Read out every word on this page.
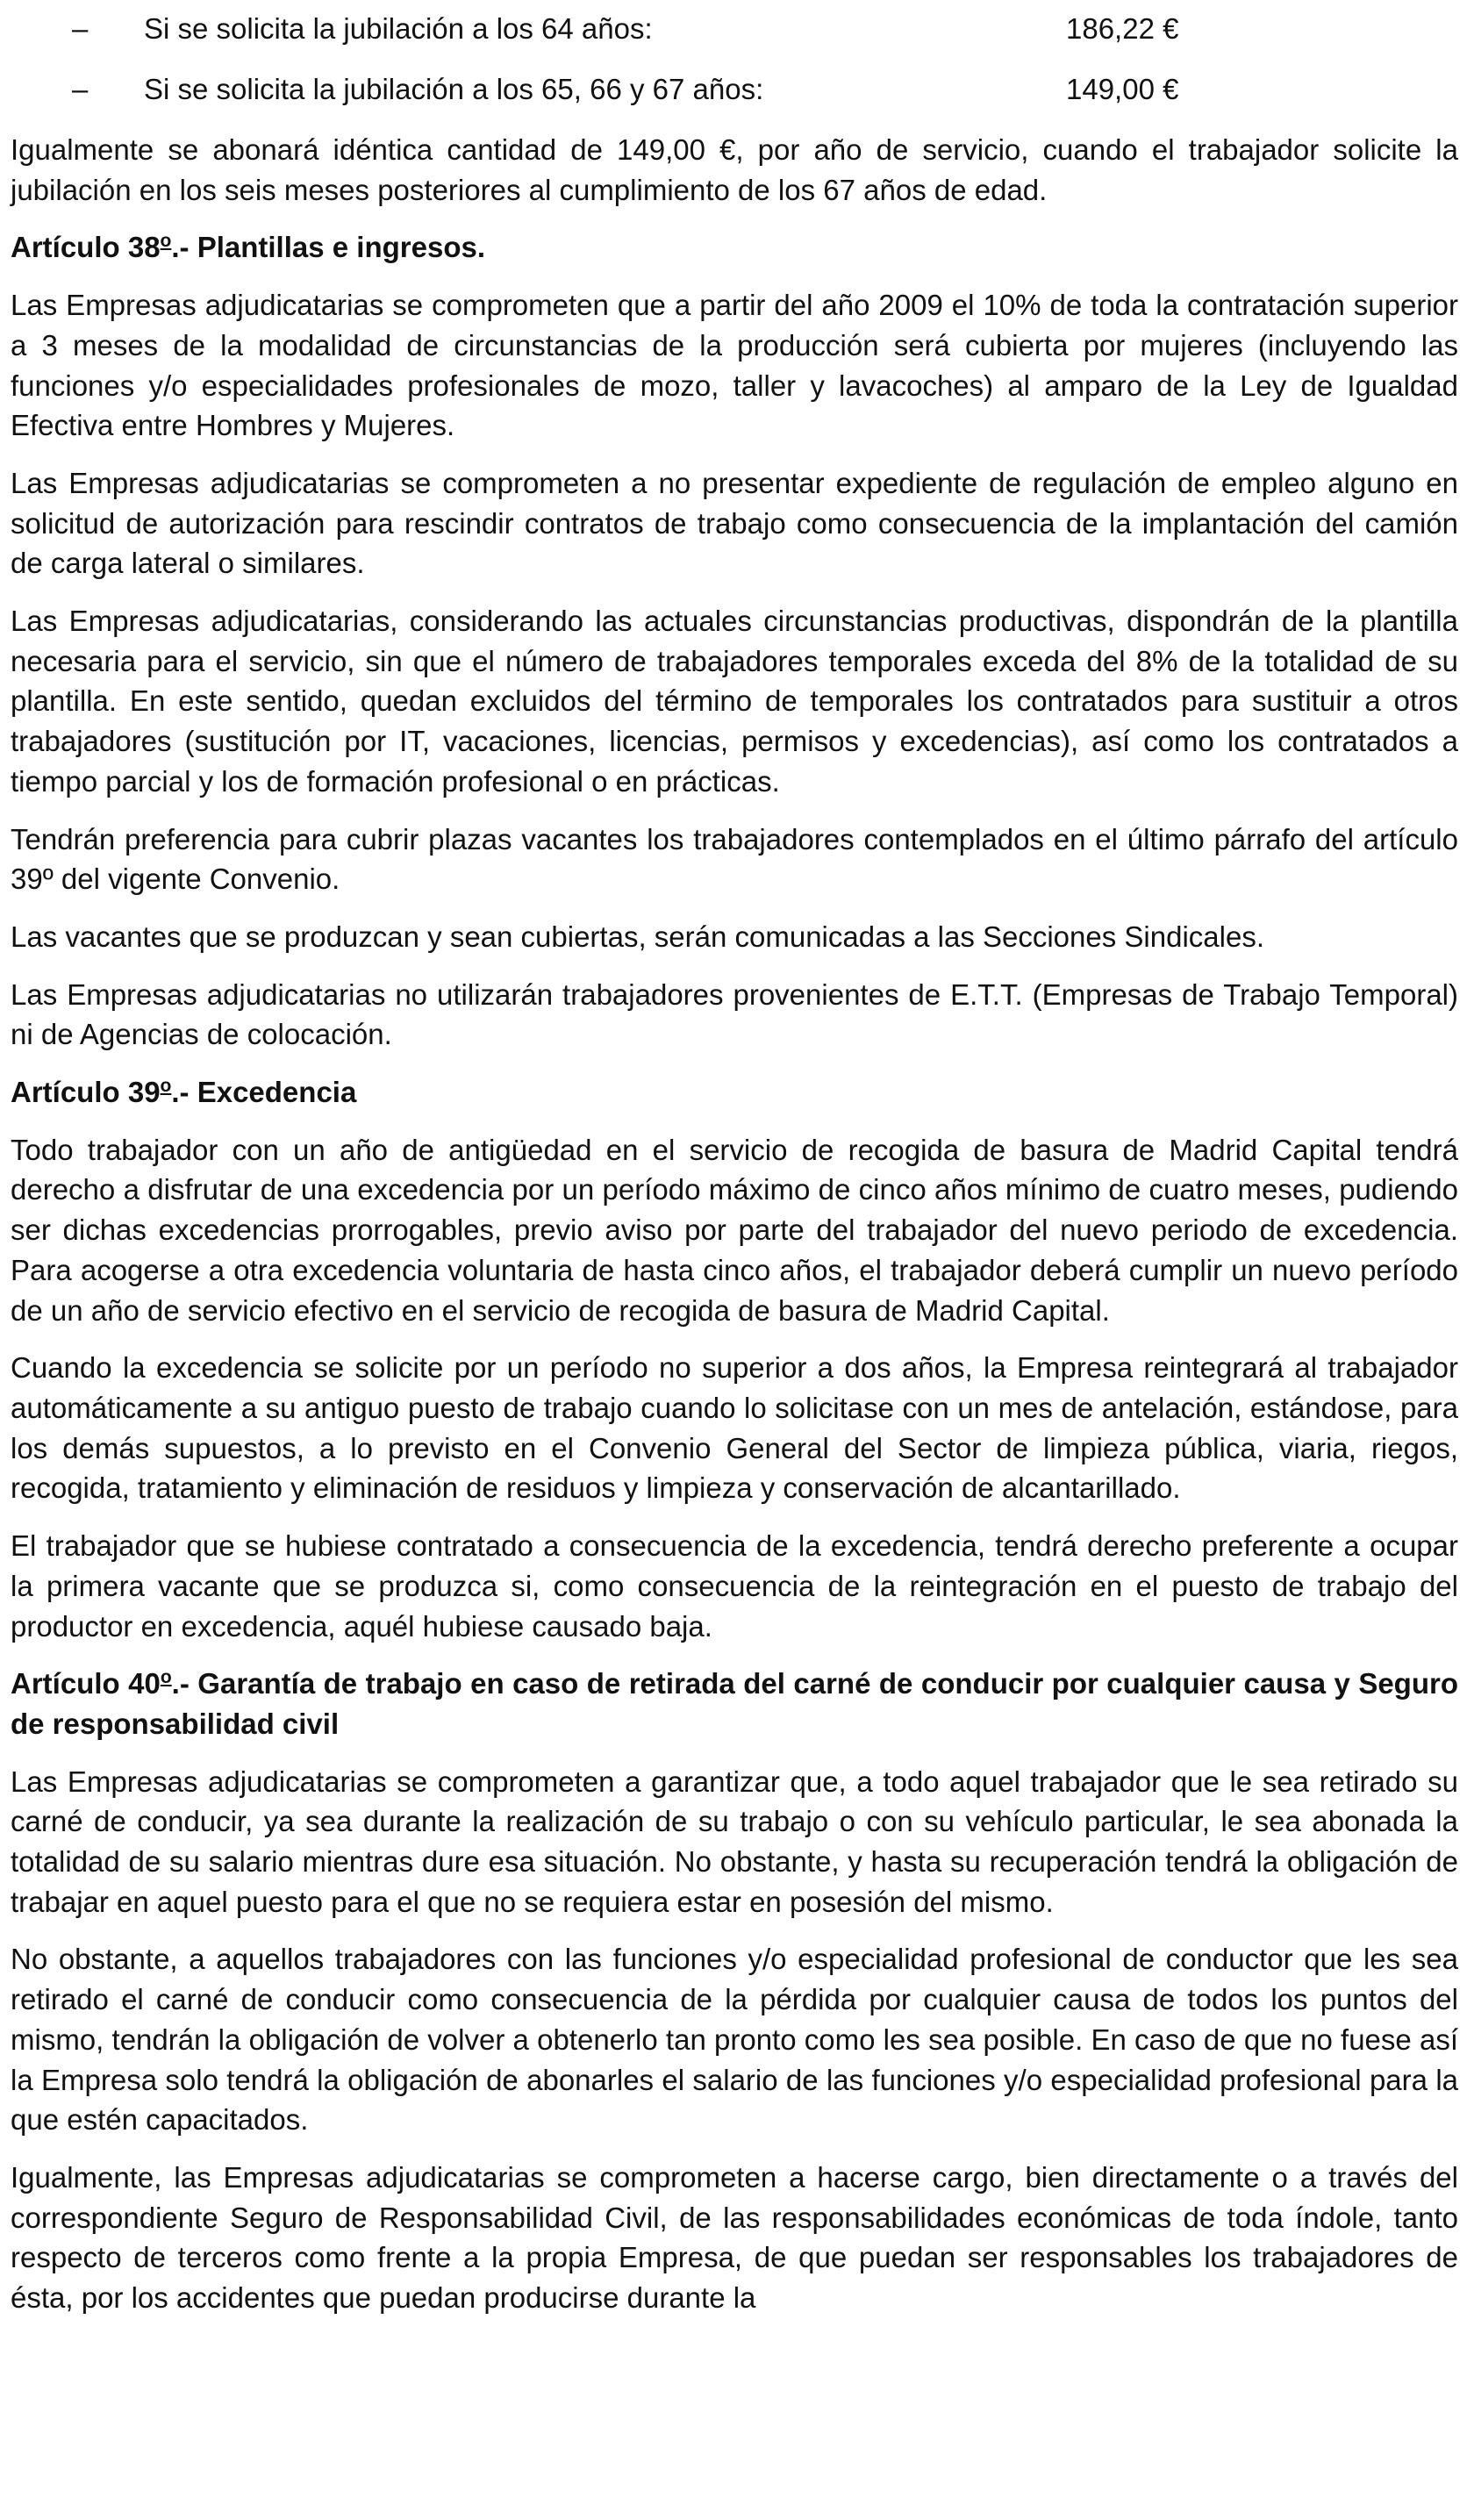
–	Si se solicita la jubilación a los 64 años:	186,22 €
–	Si se solicita la jubilación a los 65, 66 y 67 años:	149,00 €

Igualmente se abonará idéntica cantidad de 149,00 €, por año de servicio, cuando el trabajador solicite la jubilación en los seis meses posteriores al cumplimiento de los 67 años de edad.

Artículo 38$^o$.- Plantillas e ingresos.

Las Empresas adjudicatarias se comprometen que a partir del año 2009 el 10% de toda la contratación superior a 3 meses de la modalidad de circunstancias de la producción será cubierta por mujeres (incluyendo las funciones y/o especialidades profesionales de mozo, taller y lavacoches) al amparo de la Ley de Igualdad Efectiva entre Hombres y Mujeres.

Las Empresas adjudicatarias se comprometen a no presentar expediente de regulación de empleo alguno en solicitud de autorización para rescindir contratos de trabajo como consecuencia de la implantación del camión de carga lateral o similares.

Las Empresas adjudicatarias, considerando las actuales circunstancias productivas, dispondrán de la plantilla necesaria para el servicio, sin que el número de trabajadores temporales exceda del 8% de la totalidad de su plantilla. En este sentido, quedan excluidos del término de temporales los contratados para sustituir a otros trabajadores (sustitución por IT, vacaciones, licencias, permisos y excedencias), así como los contratados a tiempo parcial y los de formación profesional o en prácticas.

Tendrán preferencia para cubrir plazas vacantes los trabajadores contemplados en el último párrafo del artículo 39º del vigente Convenio.

Las vacantes que se produzcan y sean cubiertas, serán comunicadas a las Secciones Sindicales.

Las Empresas adjudicatarias no utilizarán trabajadores provenientes de E.T.T. (Empresas de Trabajo Temporal) ni de Agencias de colocación.

Artículo 39$^o$.- Excedencia

Todo trabajador con un año de antigüedad en el servicio de recogida de basura de Madrid Capital tendrá derecho a disfrutar de una excedencia por un período máximo de cinco años mínimo de cuatro meses, pudiendo ser dichas excedencias prorrogables, previo aviso por parte del trabajador del nuevo periodo de excedencia. Para acogerse a otra excedencia voluntaria de hasta cinco años, el trabajador deberá cumplir un nuevo período de un año de servicio efectivo en el servicio de recogida de basura de Madrid Capital.

Cuando la excedencia se solicite por un período no superior a dos años, la Empresa reintegrará al trabajador automáticamente a su antiguo puesto de trabajo cuando lo solicitase con un mes de antelación, estándose, para los demás supuestos, a lo previsto en el Convenio General del Sector de limpieza pública, viaria, riegos, recogida, tratamiento y eliminación de residuos y limpieza y conservación de alcantarillado.

El trabajador que se hubiese contratado a consecuencia de la excedencia, tendrá derecho preferente a ocupar la primera vacante que se produzca si, como consecuencia de la reintegración en el puesto de trabajo del productor en excedencia, aquél hubiese causado baja.

Artículo 40$^o$.- Garantía de trabajo en caso de retirada del carné de conducir por cualquier causa y Seguro de responsabilidad civil

Las Empresas adjudicatarias se comprometen a garantizar que, a todo aquel trabajador que le sea retirado su carné de conducir, ya sea durante la realización de su trabajo o con su vehículo particular, le sea abonada la totalidad de su salario mientras dure esa situación. No obstante, y hasta su recuperación tendrá la obligación de trabajar en aquel puesto para el que no se requiera estar en posesión del mismo.

No obstante, a aquellos trabajadores con las funciones y/o especialidad profesional de conductor que les sea retirado el carné de conducir como consecuencia de la pérdida por cualquier causa de todos los puntos del mismo, tendrán la obligación de volver a obtenerlo tan pronto como les sea posible. En caso de que no fuese así la Empresa solo tendrá la obligación de abonarles el salario de las funciones y/o especialidad profesional para la que estén capacitados.

Igualmente, las Empresas adjudicatarias se comprometen a hacerse cargo, bien directamente o a través del correspondiente Seguro de Responsabilidad Civil, de las responsabilidades económicas de toda índole, tanto respecto de terceros como frente a la propia Empresa, de que puedan ser responsables los trabajadores de ésta, por los accidentes que puedan producirse durante la
